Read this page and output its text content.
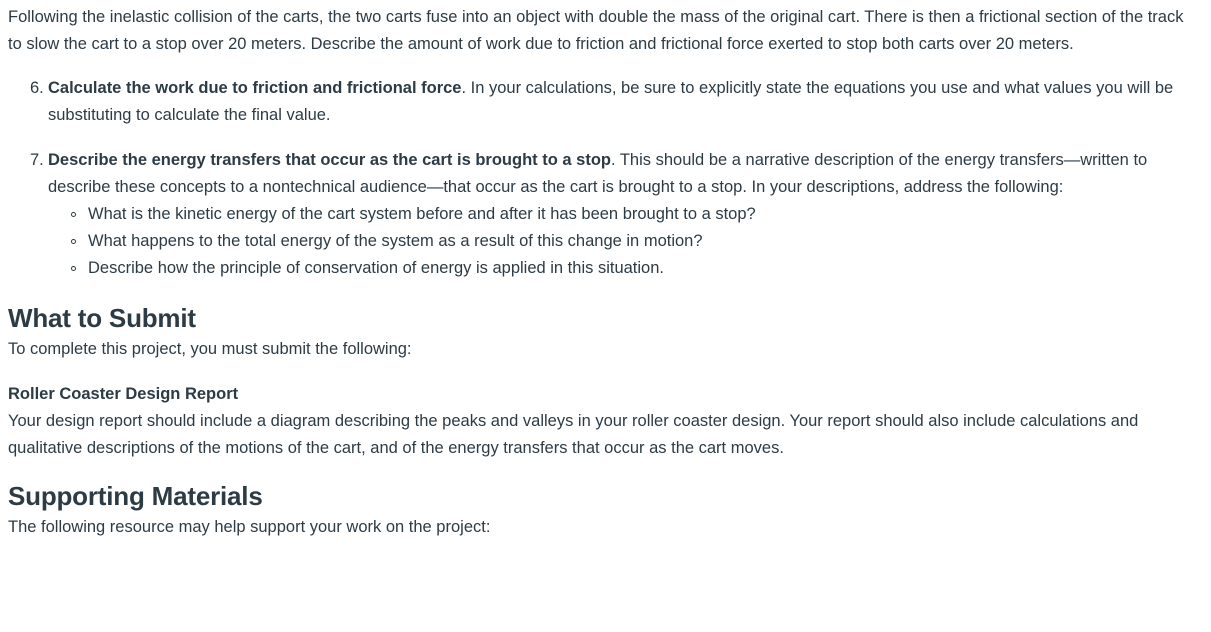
Following the inelastic collision of the carts, the two carts fuse into an object with double the mass of the original cart. There is then a frictional section of the track to slow the cart to a stop over 20 meters. Describe the amount of work due to friction and frictional force exerted to stop both carts over 20 meters.

6. Calculate the work due to friction and frictional force. In your calculations, be sure to explicitly state the equations you use and what values you will be substituting to calculate the final value.
7. Describe the energy transfers that occur as the cart is brought to a stop. This should be a narrative description of the energy transfers—written to describe these concepts to a nontechnical audience—that occur as the cart is brought to a stop. In your descriptions, address the following:
What is the kinetic energy of the cart system before and after it has been brought to a stop?
What happens to the total energy of the system as a result of this change in motion?
Describe how the principle of conservation of energy is applied in this situation.
What to Submit

To complete this project, you must submit the following:

Roller Coaster Design Report

Your design report should include a diagram describing the peaks and valleys in your roller coaster design. Your report should also include calculations and qualitative descriptions of the motions of the cart, and of the energy transfers that occur as the cart moves.

Supporting Materials

The following resource may help support your work on the project:
